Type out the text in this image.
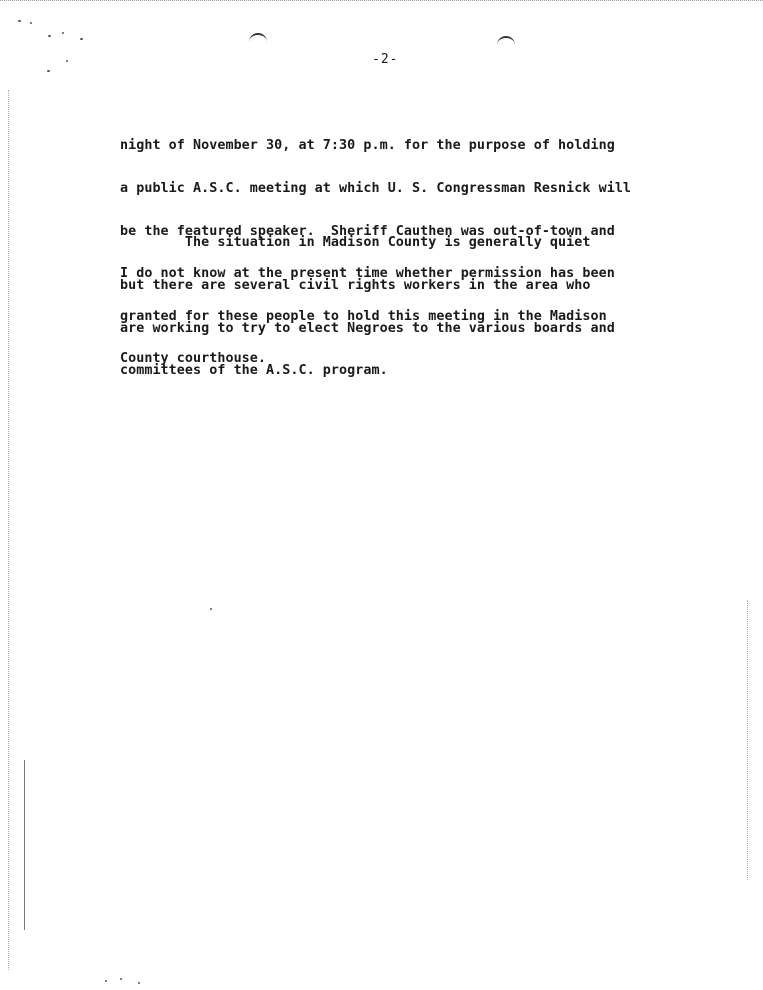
-2-

night of November 30, at 7:30 p.m. for the purpose of holding

a public A.S.C. meeting at which U. S. Congressman Resnick will

be the featured speaker.  Sheriff Cauthen was out-of-town and

I do not know at the present time whether permission has been

granted for these people to hold this meeting in the Madison

County courthouse.

The situation in Madison County is generally quiet

but there are several civil rights workers in the area who

are working to try to elect Negroes to the various boards and

committees of the A.S.C. program.
